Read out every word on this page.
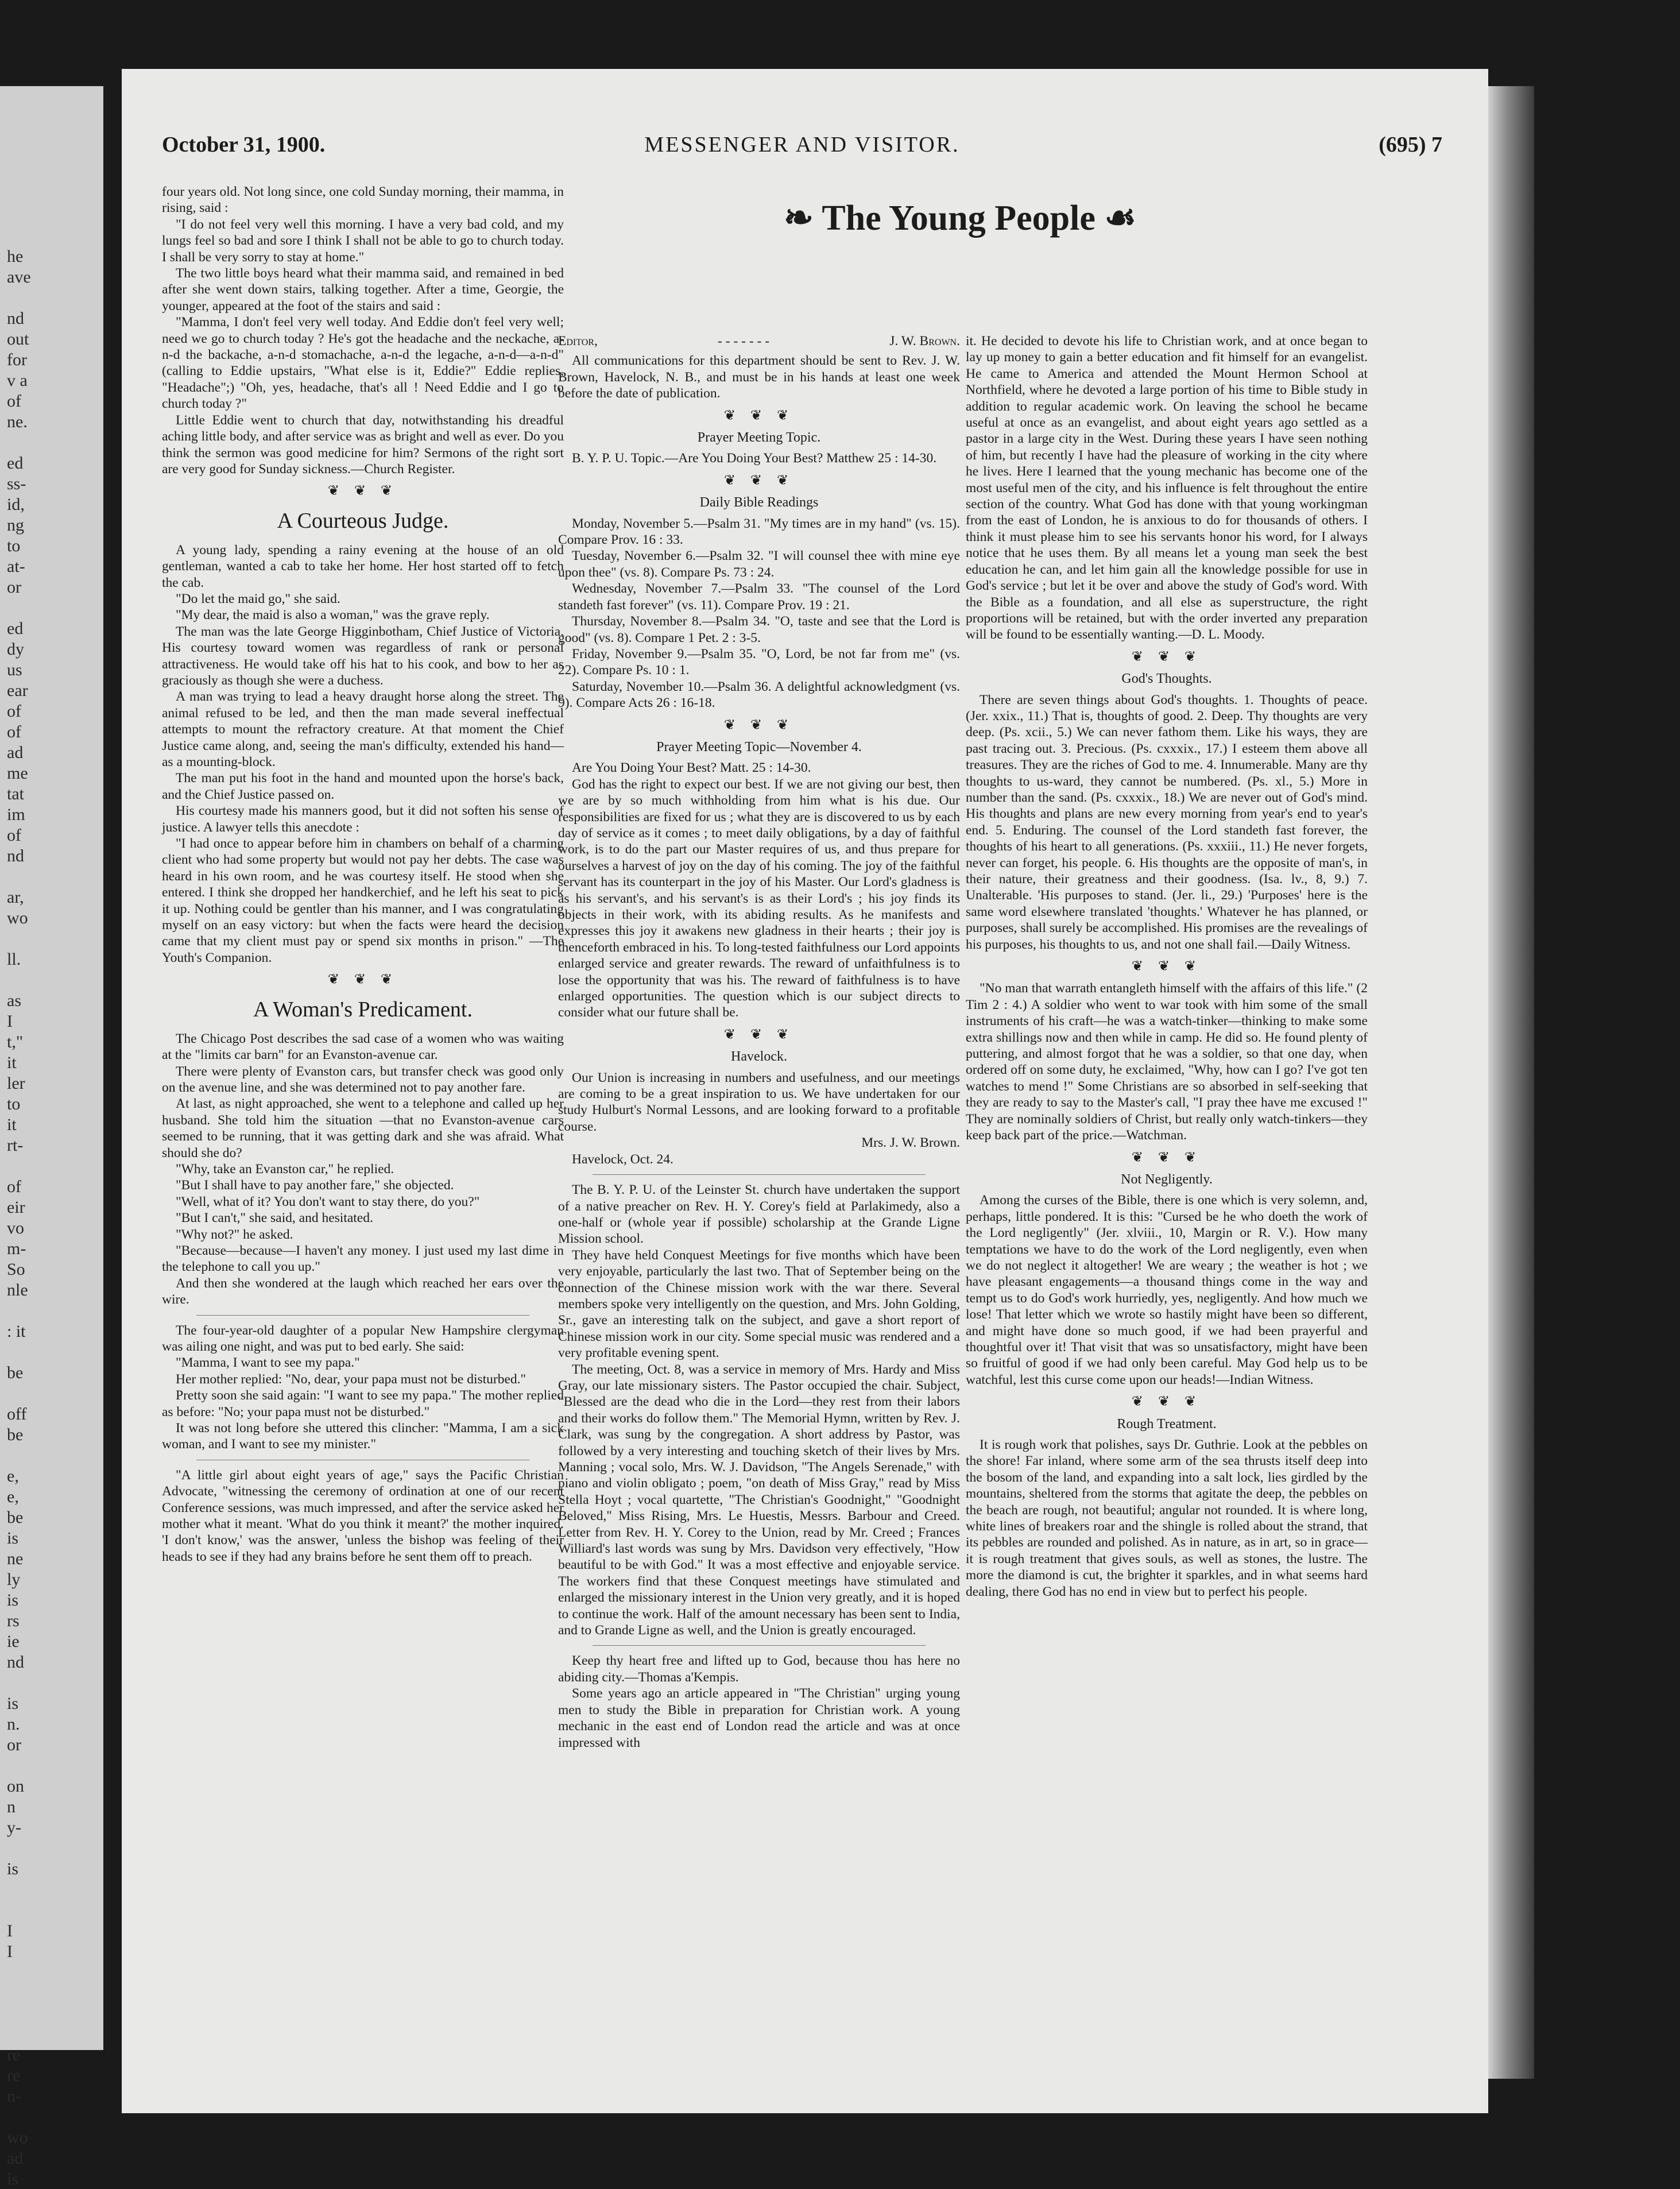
he
ave
nd
out
for
v a
of
ne.
ed
ss-
id,
ng
to
at-
or
ed
dy
us
ear
of
of
ad
me
tat
im
of
nd
ar,
wo
ll.
as
I
t,"
it
ler
to
it
rt-
of
eir
vo
m-
So
nle
: it
be
off
be
e,
e,
be
is
ne
ly
is
rs
ie
nd
is
n.
or
on
n
y-
is
I
I
re
re
n-
wo
ad
is
October 31, 1900.	MESSENGER AND VISITOR.	(695) 7
❧ The Young People ☙

four years old. Not long since, one cold Sunday morning, their mamma, in rising, said :

"I do not feel very well this morning. I have a very bad cold, and my lungs feel so bad and sore I think I shall not be able to go to church today. I shall be very sorry to stay at home."

The two little boys heard what their mamma said, and remained in bed after she went down stairs, talking together. After a time, Georgie, the younger, appeared at the foot of the stairs and said :

"Mamma, I don't feel very well today. And Eddie don't feel very well; need we go to church today ? He's got the headache and the neckache, a-n-d the backache, a-n-d stomachache, a-n-d the legache, a-n-d—a-n-d" (calling to Eddie upstairs, "What else is it, Eddie?" Eddie replies, "Headache";) "Oh, yes, headache, that's all ! Need Eddie and I go to church today ?"

Little Eddie went to church that day, notwithstanding his dreadful aching little body, and after service was as bright and well as ever. Do you think the sermon was good medicine for him? Sermons of the right sort are very good for Sunday sickness.—Church Register.

❦ ❦ ❦
A Courteous Judge.

A young lady, spending a rainy evening at the house of an old gentleman, wanted a cab to take her home. Her host started off to fetch the cab.

"Do let the maid go," she said.

"My dear, the maid is also a woman," was the grave reply.

The man was the late George Higginbotham, Chief Justice of Victoria. His courtesy toward women was regardless of rank or personal attractiveness. He would take off his hat to his cook, and bow to her as graciously as though she were a duchess.

A man was trying to lead a heavy draught horse along the street. The animal refused to be led, and then the man made several ineffectual attempts to mount the refractory creature. At that moment the Chief Justice came along, and, seeing the man's difficulty, extended his hand—as a mounting-block.

The man put his foot in the hand and mounted upon the horse's back, and the Chief Justice passed on.

His courtesy made his manners good, but it did not soften his sense of justice. A lawyer tells this anecdote :

"I had once to appear before him in chambers on behalf of a charming client who had some property but would not pay her debts. The case was heard in his own room, and he was courtesy itself. He stood when she entered. I think she dropped her handkerchief, and he left his seat to pick it up. Nothing could be gentler than his manner, and I was congratulating myself on an easy victory: but when the facts were heard the decision came that my client must pay or spend six months in prison." —The Youth's Companion.

❦ ❦ ❦
A Woman's Predicament.

The Chicago Post describes the sad case of a women who was waiting at the "limits car barn" for an Evanston-avenue car.

There were plenty of Evanston cars, but transfer check was good only on the avenue line, and she was determined not to pay another fare.

At last, as night approached, she went to a telephone and called up her husband. She told him the situation —that no Evanston-avenue cars seemed to be running, that it was getting dark and she was afraid. What should she do?

"Why, take an Evanston car," he replied.

"But I shall have to pay another fare," she objected.

"Well, what of it? You don't want to stay there, do you?"

"But I can't," she said, and hesitated.

"Why not?" he asked.

"Because—because—I haven't any money. I just used my last dime in the telephone to call you up."

And then she wondered at the laugh which reached her ears over the wire.

The four-year-old daughter of a popular New Hampshire clergyman was ailing one night, and was put to bed early. She said:

"Mamma, I want to see my papa."

Her mother replied: "No, dear, your papa must not be disturbed."

Pretty soon she said again: "I want to see my papa." The mother replied as before: "No; your papa must not be disturbed."

It was not long before she uttered this clincher: "Mamma, I am a sick woman, and I want to see my minister."

"A little girl about eight years of age," says the Pacific Christian Advocate, "witnessing the ceremony of ordination at one of our recent Conference sessions, was much impressed, and after the service asked her mother what it meant. 'What do you think it meant?' the mother inquired. 'I don't know,' was the answer, 'unless the bishop was feeling of their heads to see if they had any brains before he sent them off to preach.

Editor,	- - - - - - -	J. W. Brown.

All communications for this department should be sent to Rev. J. W. Brown, Havelock, N. B., and must be in his hands at least one week before the date of publication.

❦ ❦ ❦
Prayer Meeting Topic.

B. Y. P. U. Topic.—Are You Doing Your Best? Matthew 25 : 14-30.

❦ ❦ ❦
Daily Bible Readings

Monday, November 5.—Psalm 31. "My times are in my hand" (vs. 15). Compare Prov. 16 : 33.

Tuesday, November 6.—Psalm 32. "I will counsel thee with mine eye upon thee" (vs. 8). Compare Ps. 73 : 24.

Wednesday, November 7.—Psalm 33. "The counsel of the Lord standeth fast forever" (vs. 11). Compare Prov. 19 : 21.

Thursday, November 8.—Psalm 34. "O, taste and see that the Lord is good" (vs. 8). Compare 1 Pet. 2 : 3-5.

Friday, November 9.—Psalm 35. "O, Lord, be not far from me" (vs. 22). Compare Ps. 10 : 1.

Saturday, November 10.—Psalm 36. A delightful acknowledgment (vs. 9). Compare Acts 26 : 16-18.

❦ ❦ ❦
Prayer Meeting Topic—November 4.

Are You Doing Your Best? Matt. 25 : 14-30.

God has the right to expect our best. If we are not giving our best, then we are by so much withholding from him what is his due. Our responsibilities are fixed for us ; what they are is discovered to us by each day of service as it comes ; to meet daily obligations, by a day of faithful work, is to do the part our Master requires of us, and thus prepare for ourselves a harvest of joy on the day of his coming. The joy of the faithful servant has its counterpart in the joy of his Master. Our Lord's gladness is as his servant's, and his servant's is as their Lord's ; his joy finds its objects in their work, with its abiding results. As he manifests and expresses this joy it awakens new gladness in their hearts ; their joy is thenceforth embraced in his. To long-tested faithfulness our Lord appoints enlarged service and greater rewards. The reward of unfaithfulness is to lose the opportunity that was his. The reward of faithfulness is to have enlarged opportunities. The question which is our subject directs to consider what our future shall be.

❦ ❦ ❦
Havelock.

Our Union is increasing in numbers and usefulness, and our meetings are coming to be a great inspiration to us. We have undertaken for our study Hulburt's Normal Lessons, and are looking forward to a profitable course.

Mrs. J. W. Brown.

Havelock, Oct. 24.

The B. Y. P. U. of the Leinster St. church have undertaken the support of a native preacher on Rev. H. Y. Corey's field at Parlakimedy, also a one-half or (whole year if possible) scholarship at the Grande Ligne Mission school.

They have held Conquest Meetings for five months which have been very enjoyable, particularly the last two. That of September being on the connection of the Chinese mission work with the war there. Several members spoke very intelligently on the question, and Mrs. John Golding, Sr., gave an interesting talk on the subject, and gave a short report of Chinese mission work in our city. Some special music was rendered and a very profitable evening spent.

The meeting, Oct. 8, was a service in memory of Mrs. Hardy and Miss Gray, our late missionary sisters. The Pastor occupied the chair. Subject, "Blessed are the dead who die in the Lord—they rest from their labors and their works do follow them." The Memorial Hymn, written by Rev. J. Clark, was sung by the congregation. A short address by Pastor, was followed by a very interesting and touching sketch of their lives by Mrs. Manning ; vocal solo, Mrs. W. J. Davidson, "The Angels Serenade," with piano and violin obligato ; poem, "on death of Miss Gray," read by Miss Stella Hoyt ; vocal quartette, "The Christian's Goodnight," "Goodnight Beloved," Miss Rising, Mrs. Le Huestis, Messrs. Barbour and Creed. Letter from Rev. H. Y. Corey to the Union, read by Mr. Creed ; Frances Williard's last words was sung by Mrs. Davidson very effectively, "How beautiful to be with God." It was a most effective and enjoyable service. The workers find that these Conquest meetings have stimulated and enlarged the missionary interest in the Union very greatly, and it is hoped to continue the work. Half of the amount necessary has been sent to India, and to Grande Ligne as well, and the Union is greatly encouraged.

Keep thy heart free and lifted up to God, because thou has here no abiding city.—Thomas a'Kempis.

Some years ago an article appeared in "The Christian" urging young men to study the Bible in preparation for Christian work. A young mechanic in the east end of London read the article and was at once impressed with

it. He decided to devote his life to Christian work, and at once began to lay up money to gain a better education and fit himself for an evangelist. He came to America and attended the Mount Hermon School at Northfield, where he devoted a large portion of his time to Bible study in addition to regular academic work. On leaving the school he became useful at once as an evangelist, and about eight years ago settled as a pastor in a large city in the West. During these years I have seen nothing of him, but recently I have had the pleasure of working in the city where he lives. Here I learned that the young mechanic has become one of the most useful men of the city, and his influence is felt throughout the entire section of the country. What God has done with that young workingman from the east of London, he is anxious to do for thousands of others. I think it must please him to see his servants honor his word, for I always notice that he uses them. By all means let a young man seek the best education he can, and let him gain all the knowledge possible for use in God's service ; but let it be over and above the study of God's word. With the Bible as a foundation, and all else as superstructure, the right proportions will be retained, but with the order inverted any preparation will be found to be essentially wanting.—D. L. Moody.

❦ ❦ ❦
God's Thoughts.

There are seven things about God's thoughts. 1. Thoughts of peace. (Jer. xxix., 11.) That is, thoughts of good. 2. Deep. Thy thoughts are very deep. (Ps. xcii., 5.) We can never fathom them. Like his ways, they are past tracing out. 3. Precious. (Ps. cxxxix., 17.) I esteem them above all treasures. They are the riches of God to me. 4. Innumerable. Many are thy thoughts to us-ward, they cannot be numbered. (Ps. xl., 5.) More in number than the sand. (Ps. cxxxix., 18.) We are never out of God's mind. His thoughts and plans are new every morning from year's end to year's end. 5. Enduring. The counsel of the Lord standeth fast forever, the thoughts of his heart to all generations. (Ps. xxxiii., 11.) He never forgets, never can forget, his people. 6. His thoughts are the opposite of man's, in their nature, their greatness and their goodness. (Isa. lv., 8, 9.) 7. Unalterable. 'His purposes to stand. (Jer. li., 29.) 'Purposes' here is the same word elsewhere translated 'thoughts.' Whatever he has planned, or purposes, shall surely be accomplished. His promises are the revealings of his purposes, his thoughts to us, and not one shall fail.—Daily Witness.

❦ ❦ ❦

"No man that warrath entangleth himself with the affairs of this life." (2 Tim 2 : 4.) A soldier who went to war took with him some of the small instruments of his craft—he was a watch-tinker—thinking to make some extra shillings now and then while in camp. He did so. He found plenty of puttering, and almost forgot that he was a soldier, so that one day, when ordered off on some duty, he exclaimed, "Why, how can I go? I've got ten watches to mend !" Some Christians are so absorbed in self-seeking that they are ready to say to the Master's call, "I pray thee have me excused !" They are nominally soldiers of Christ, but really only watch-tinkers—they keep back part of the price.—Watchman.

❦ ❦ ❦
Not Negligently.

Among the curses of the Bible, there is one which is very solemn, and, perhaps, little pondered. It is this: "Cursed be he who doeth the work of the Lord negligently" (Jer. xlviii., 10, Margin or R. V.). How many temptations we have to do the work of the Lord negligently, even when we do not neglect it altogether! We are weary ; the weather is hot ; we have pleasant engagements—a thousand things come in the way and tempt us to do God's work hurriedly, yes, negligently. And how much we lose! That letter which we wrote so hastily might have been so different, and might have done so much good, if we had been prayerful and thoughtful over it! That visit that was so unsatisfactory, might have been so fruitful of good if we had only been careful. May God help us to be watchful, lest this curse come upon our heads!—Indian Witness.

❦ ❦ ❦
Rough Treatment.

It is rough work that polishes, says Dr. Guthrie. Look at the pebbles on the shore! Far inland, where some arm of the sea thrusts itself deep into the bosom of the land, and expanding into a salt lock, lies girdled by the mountains, sheltered from the storms that agitate the deep, the pebbles on the beach are rough, not beautiful; angular not rounded. It is where long, white lines of breakers roar and the shingle is rolled about the strand, that its pebbles are rounded and polished. As in nature, as in art, so in grace—it is rough treatment that gives souls, as well as stones, the lustre. The more the diamond is cut, the brighter it sparkles, and in what seems hard dealing, there God has no end in view but to perfect his people.
